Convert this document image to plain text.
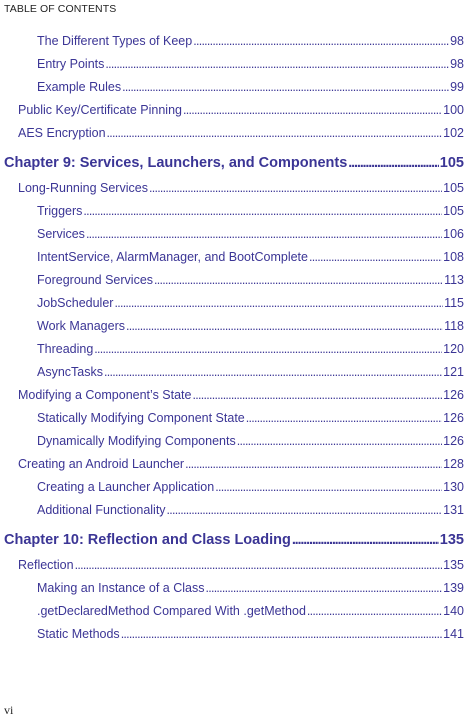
TABLE OF CONTENTS
The Different Types of Keep . . .	98
Entry Points . . .	98
Example Rules . . .	99
Public Key/Certificate Pinning . . .	100
AES Encryption . . .	102
Chapter 9: Services, Launchers, and Components . . .	105
Long-Running Services . . .	105
Triggers . . .	105
Services . . .	106
IntentService, AlarmManager, and BootComplete . . .	108
Foreground Services . . .	113
JobScheduler . . .	115
Work Managers . . .	118
Threading . . .	120
AsyncTasks . . .	121
Modifying a Component’s State . . .	126
Statically Modifying Component State . . .	126
Dynamically Modifying Components . . .	126
Creating an Android Launcher . . .	128
Creating a Launcher Application . . .	130
Additional Functionality . . .	131
Chapter 10: Reflection and Class Loading . . .	135
Reflection . . .	135
Making an Instance of a Class . . .	139
.getDeclaredMethod Compared With .getMethod . . .	140
Static Methods . . .	141
vi
